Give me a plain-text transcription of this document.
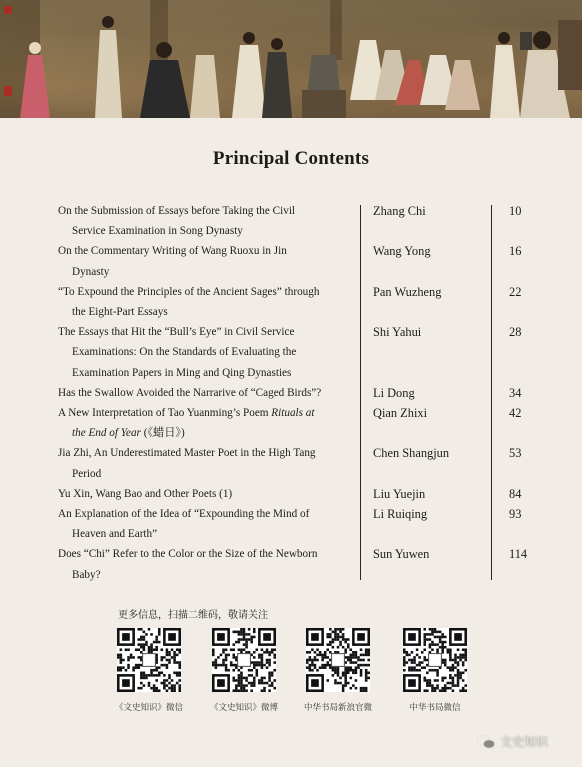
Principal Contents
On the Submission of Essays before Taking the Civil
Service Examination in Song Dynasty
Zhang Chi	10
On the Commentary Writing of Wang Ruoxu in Jin
Dynasty
Wang Yong	16
“To Expound the Principles of the Ancient Sages” through
the Eight-Part Essays
Pan Wuzheng	22
The Essays that Hit the “Bull’s Eye” in Civil Service
Examinations: On the Standards of Evaluating the
Examination Papers in Ming and Qing Dynasties
Shi Yahui	28
Has the Swallow Avoided the Narrarive of “Caged Birds”?	Li Dong	34
A New Interpretation of Tao Yuanming’s Poem Rituals at
the End of Year (《蜡日》)
Qian Zhixi	42
Jia Zhi, An Underestimated Master Poet in the High Tang
Period
Chen Shangjun	53
Yu Xin, Wang Bao and Other Poets (1)	Liu Yuejin	84
An Explanation of the Idea of “Expounding the Mind of
Heaven and Earth”
Li Ruiqing	93
Does “Chi” Refer to the Color or the Size of the Newborn
Baby?
Sun Yuwen	114
更多信息，扫描二维码，敬请关注
《文史知识》微信	《文史知识》微博	中华书局新浪官微	中华书局微信
文史知识
